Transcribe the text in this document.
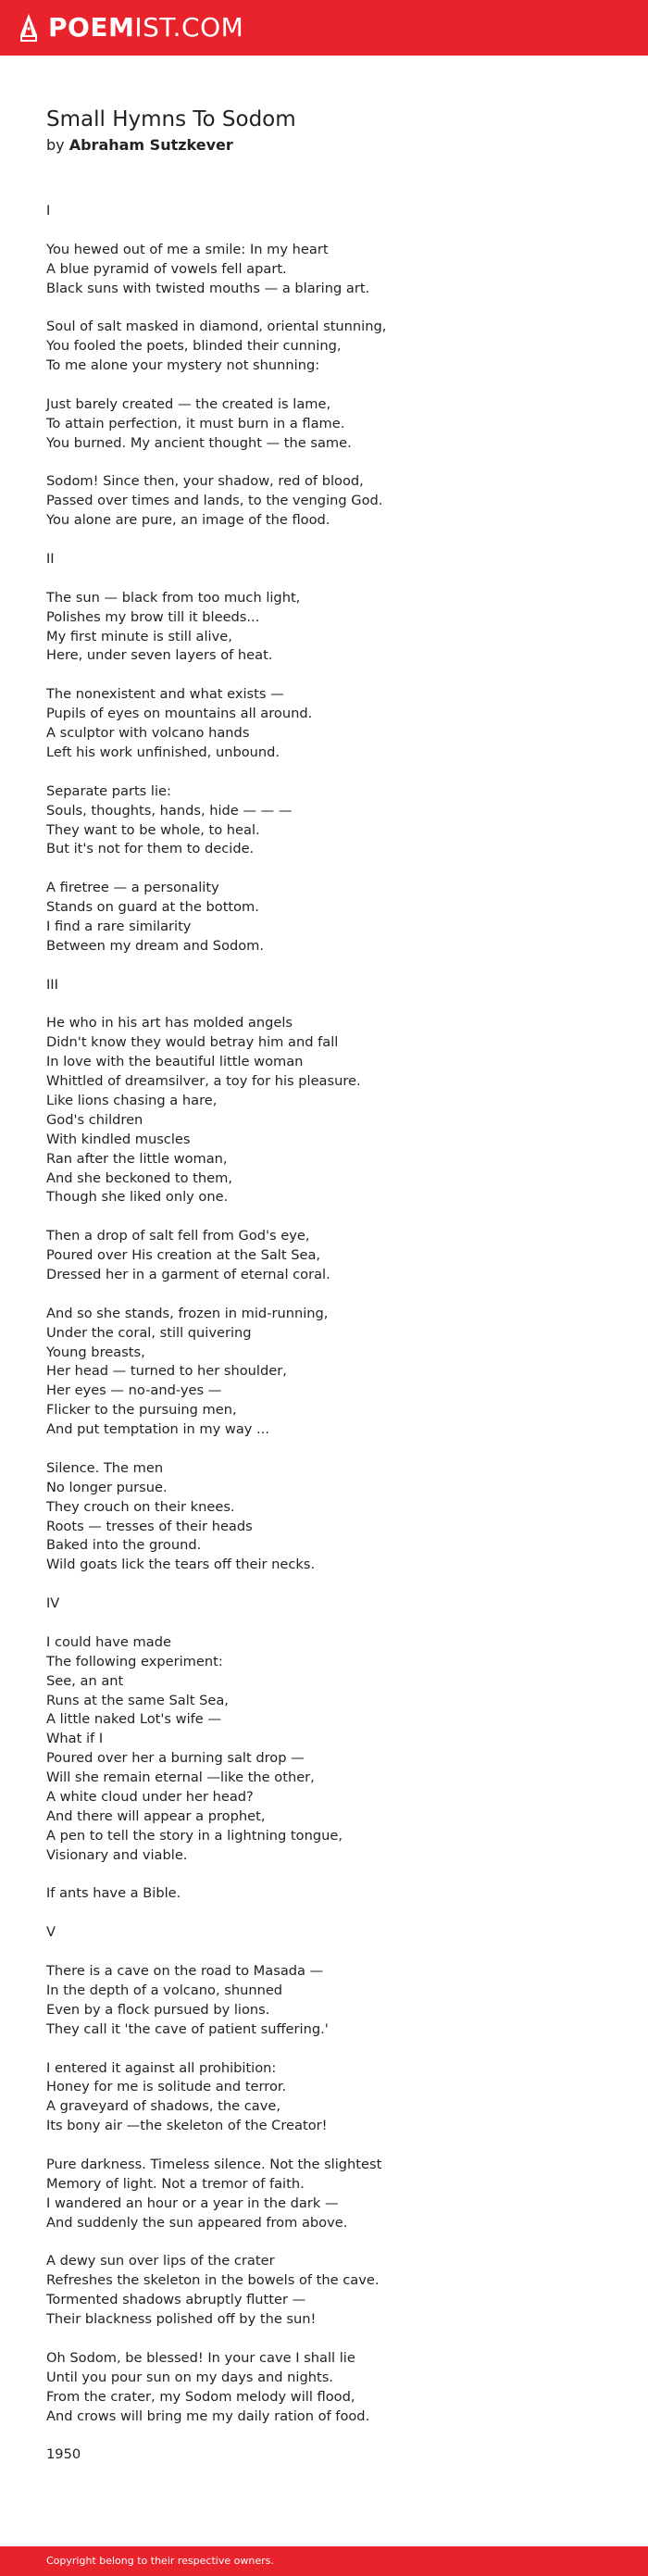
POEMIST.COM
Small Hymns To Sodom
by Abraham Sutzkever
I
You hewed out of me a smile: In my heart
A blue pyramid of vowels fell apart.
Black suns with twisted mouths — a blaring art.
Soul of salt masked in diamond, oriental stunning,
You fooled the poets, blinded their cunning,
To me alone your mystery not shunning:
Just barely created — the created is lame,
To attain perfection, it must burn in a flame.
You burned. My ancient thought — the same.
Sodom! Since then, your shadow, red of blood,
Passed over times and lands, to the venging God.
You alone are pure, an image of the flood.
II
The sun — black from too much light,
Polishes my brow till it bleeds...
My first minute is still alive,
Here, under seven layers of heat.
The nonexistent and what exists —
Pupils of eyes on mountains all around.
A sculptor with volcano hands
Left his work unfinished, unbound.
Separate parts lie:
Souls, thoughts, hands, hide — — —
They want to be whole, to heal.
But it's not for them to decide.
A firetree — a personality
Stands on guard at the bottom.
I find a rare similarity
Between my dream and Sodom.
III
He who in his art has molded angels
Didn't know they would betray him and fall
In love with the beautiful little woman
Whittled of dreamsilver, a toy for his pleasure.
Like lions chasing a hare,
God's children
With kindled muscles
Ran after the little woman,
And she beckoned to them,
Though she liked only one.
Then a drop of salt fell from God's eye,
Poured over His creation at the Salt Sea,
Dressed her in a garment of eternal coral.
And so she stands, frozen in mid-running,
Under the coral, still quivering
Young breasts,
Her head — turned to her shoulder,
Her eyes — no-and-yes —
Flicker to the pursuing men,
And put temptation in my way ...
Silence. The men
No longer pursue.
They crouch on their knees.
Roots — tresses of their heads
Baked into the ground.
Wild goats lick the tears off their necks.
IV
I could have made
The following experiment:
See, an ant
Runs at the same Salt Sea,
A little naked Lot's wife —
What if I
Poured over her a burning salt drop —
Will she remain eternal —like the other,
A white cloud under her head?
And there will appear a prophet,
A pen to tell the story in a lightning tongue,
Visionary and viable.
If ants have a Bible.
V
There is a cave on the road to Masada —
In the depth of a volcano, shunned
Even by a flock pursued by lions.
They call it 'the cave of patient suffering.'
I entered it against all prohibition:
Honey for me is solitude and terror.
A graveyard of shadows, the cave,
Its bony air —the skeleton of the Creator!
Pure darkness. Timeless silence. Not the slightest
Memory of light. Not a tremor of faith.
I wandered an hour or a year in the dark —
And suddenly the sun appeared from above.
A dewy sun over lips of the crater
Refreshes the skeleton in the bowels of the cave.
Tormented shadows abruptly flutter —
Their blackness polished off by the sun!
Oh Sodom, be blessed! In your cave I shall lie
Until you pour sun on my days and nights.
From the crater, my Sodom melody will flood,
And crows will bring me my daily ration of food.
1950
Copyright belong to their respective owners.
